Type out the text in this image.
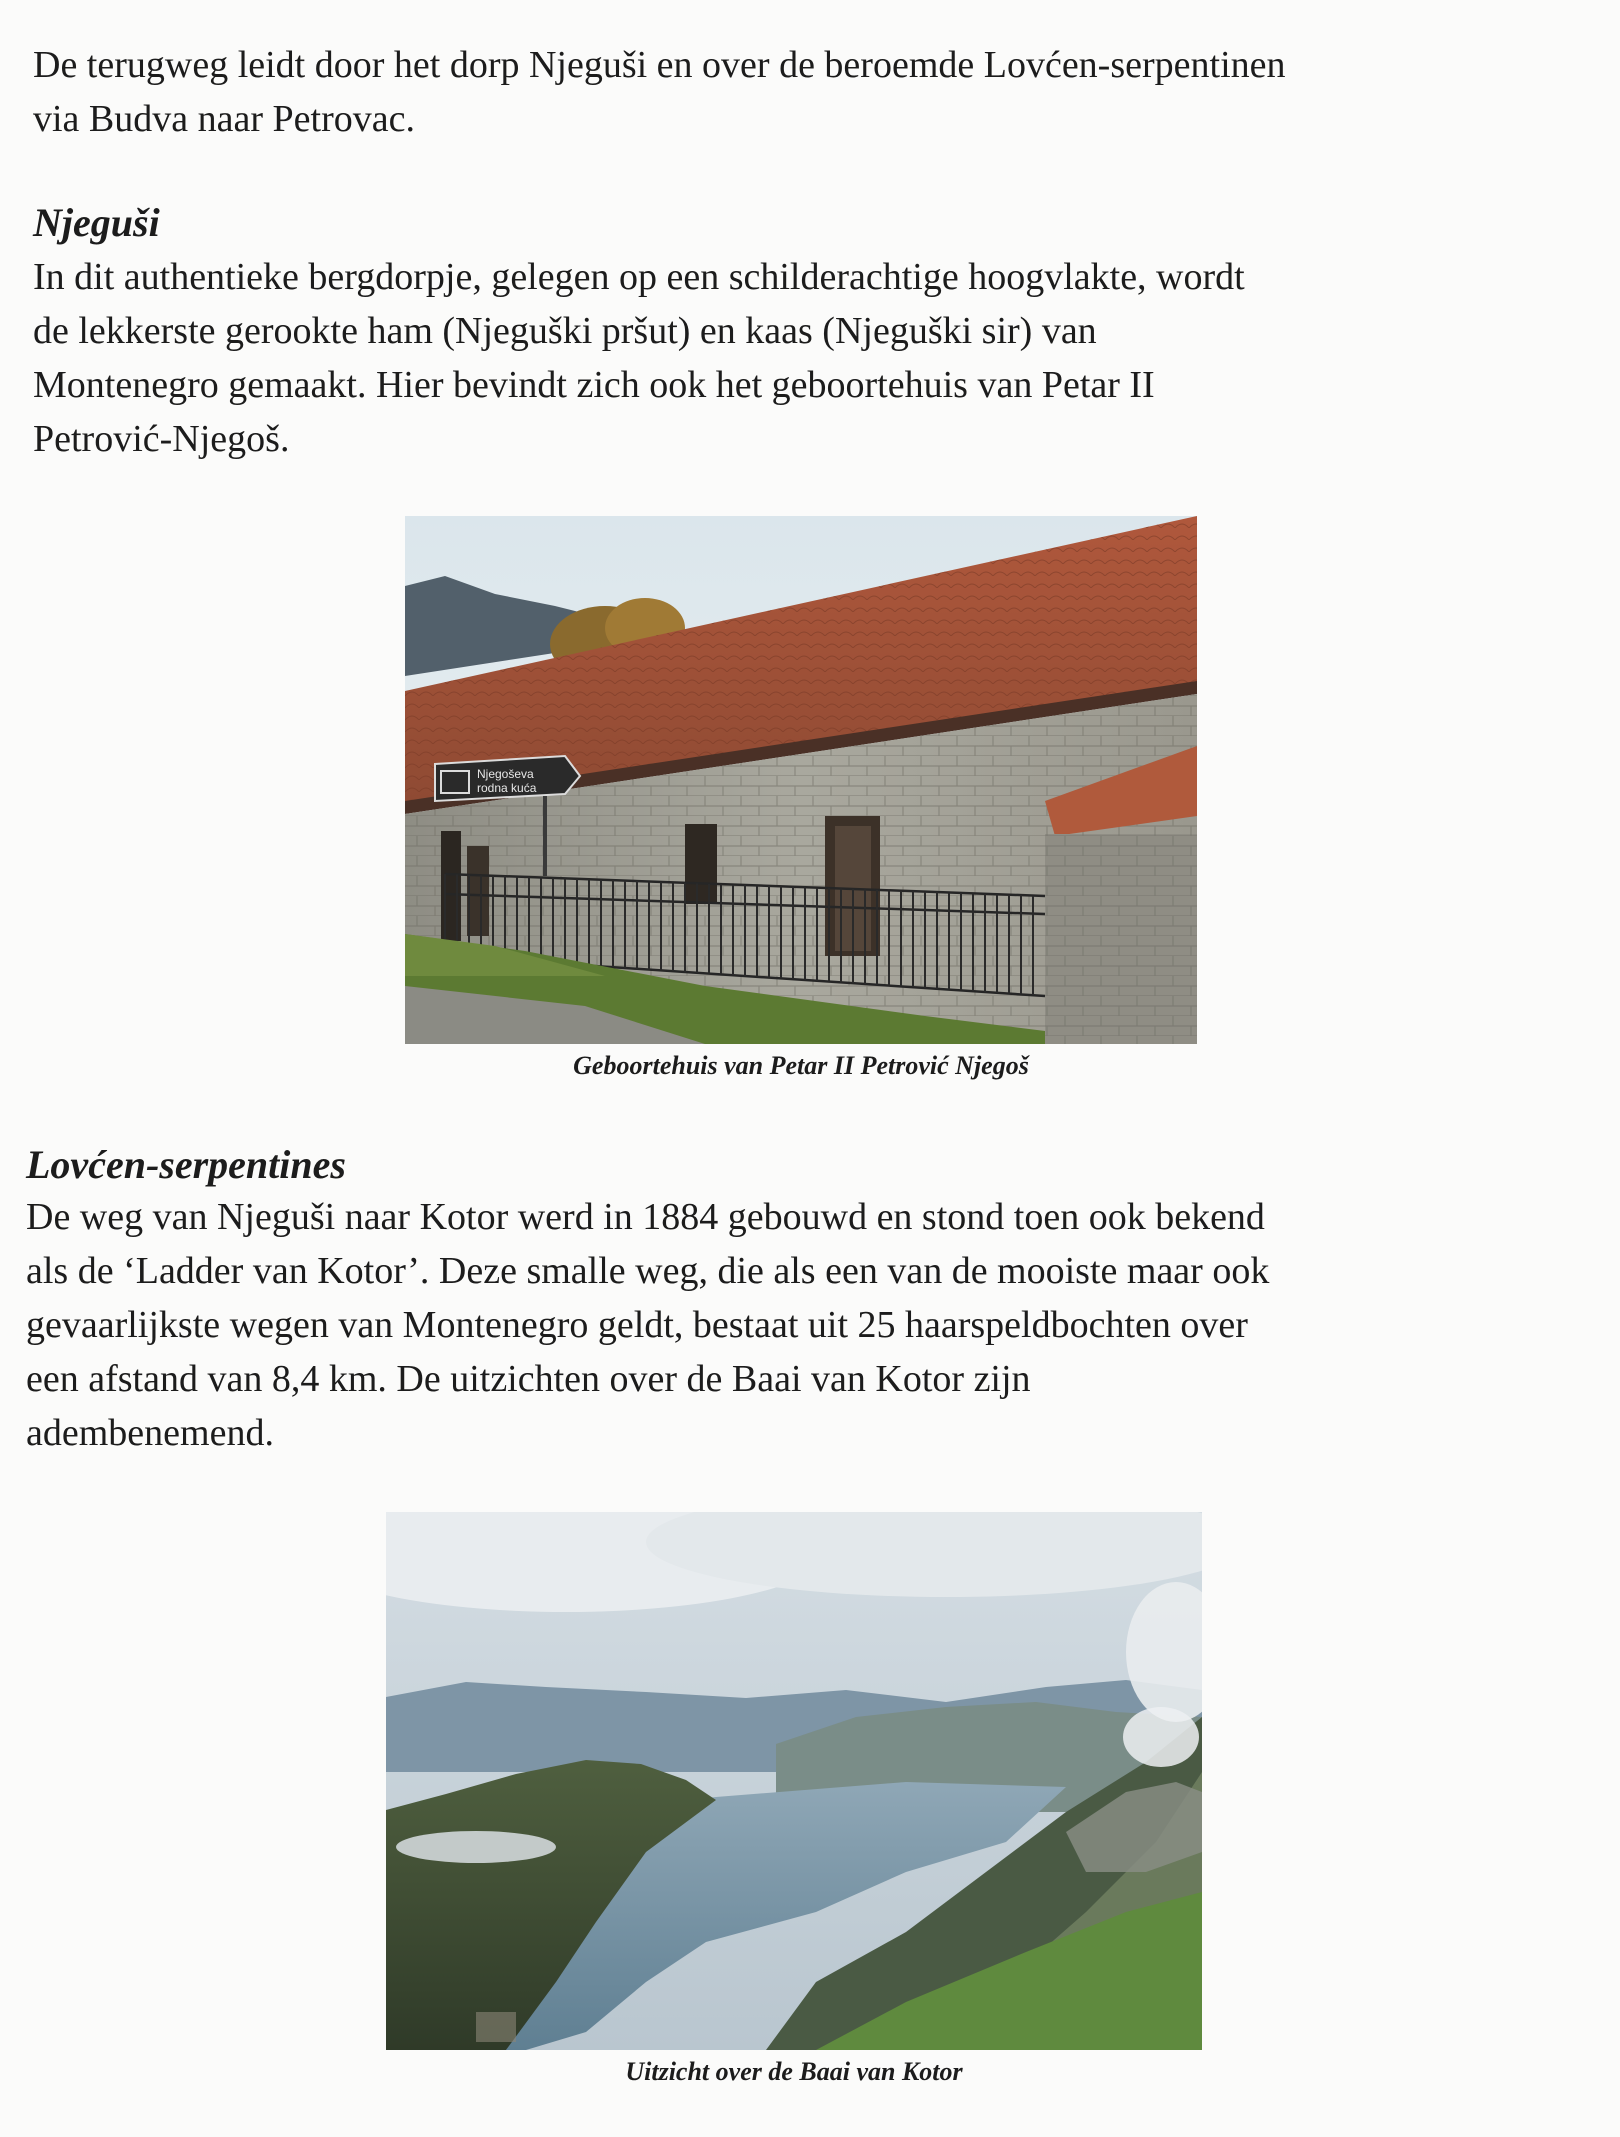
De terugweg leidt door het dorp Njeguši en over de beroemde Lovćen-serpentinen
via Budva naar Petrovac.
Njeguši
In dit authentieke bergdorpje, gelegen op een schilderachtige hoogvlakte, wordt
de lekkerste gerookte ham (Njeguški pršut) en kaas (Njeguški sir) van
Montenegro gemaakt. Hier bevindt zich ook het geboortehuis van Petar II
Petrović-Njegoš.
Njegoševa
rodna kuća

Geboortehuis van Petar II Petrović Njegoš

Lovćen-serpentines
De weg van Njeguši naar Kotor werd in 1884 gebouwd en stond toen ook bekend
als de ‘Ladder van Kotor’. Deze smalle weg, die als een van de mooiste maar ook
gevaarlijkste wegen van Montenegro geldt, bestaat uit 25 haarspeldbochten over
een afstand van 8,4 km. De uitzichten over de Baai van Kotor zijn
adembenemend.

Uitzicht over de Baai van Kotor
